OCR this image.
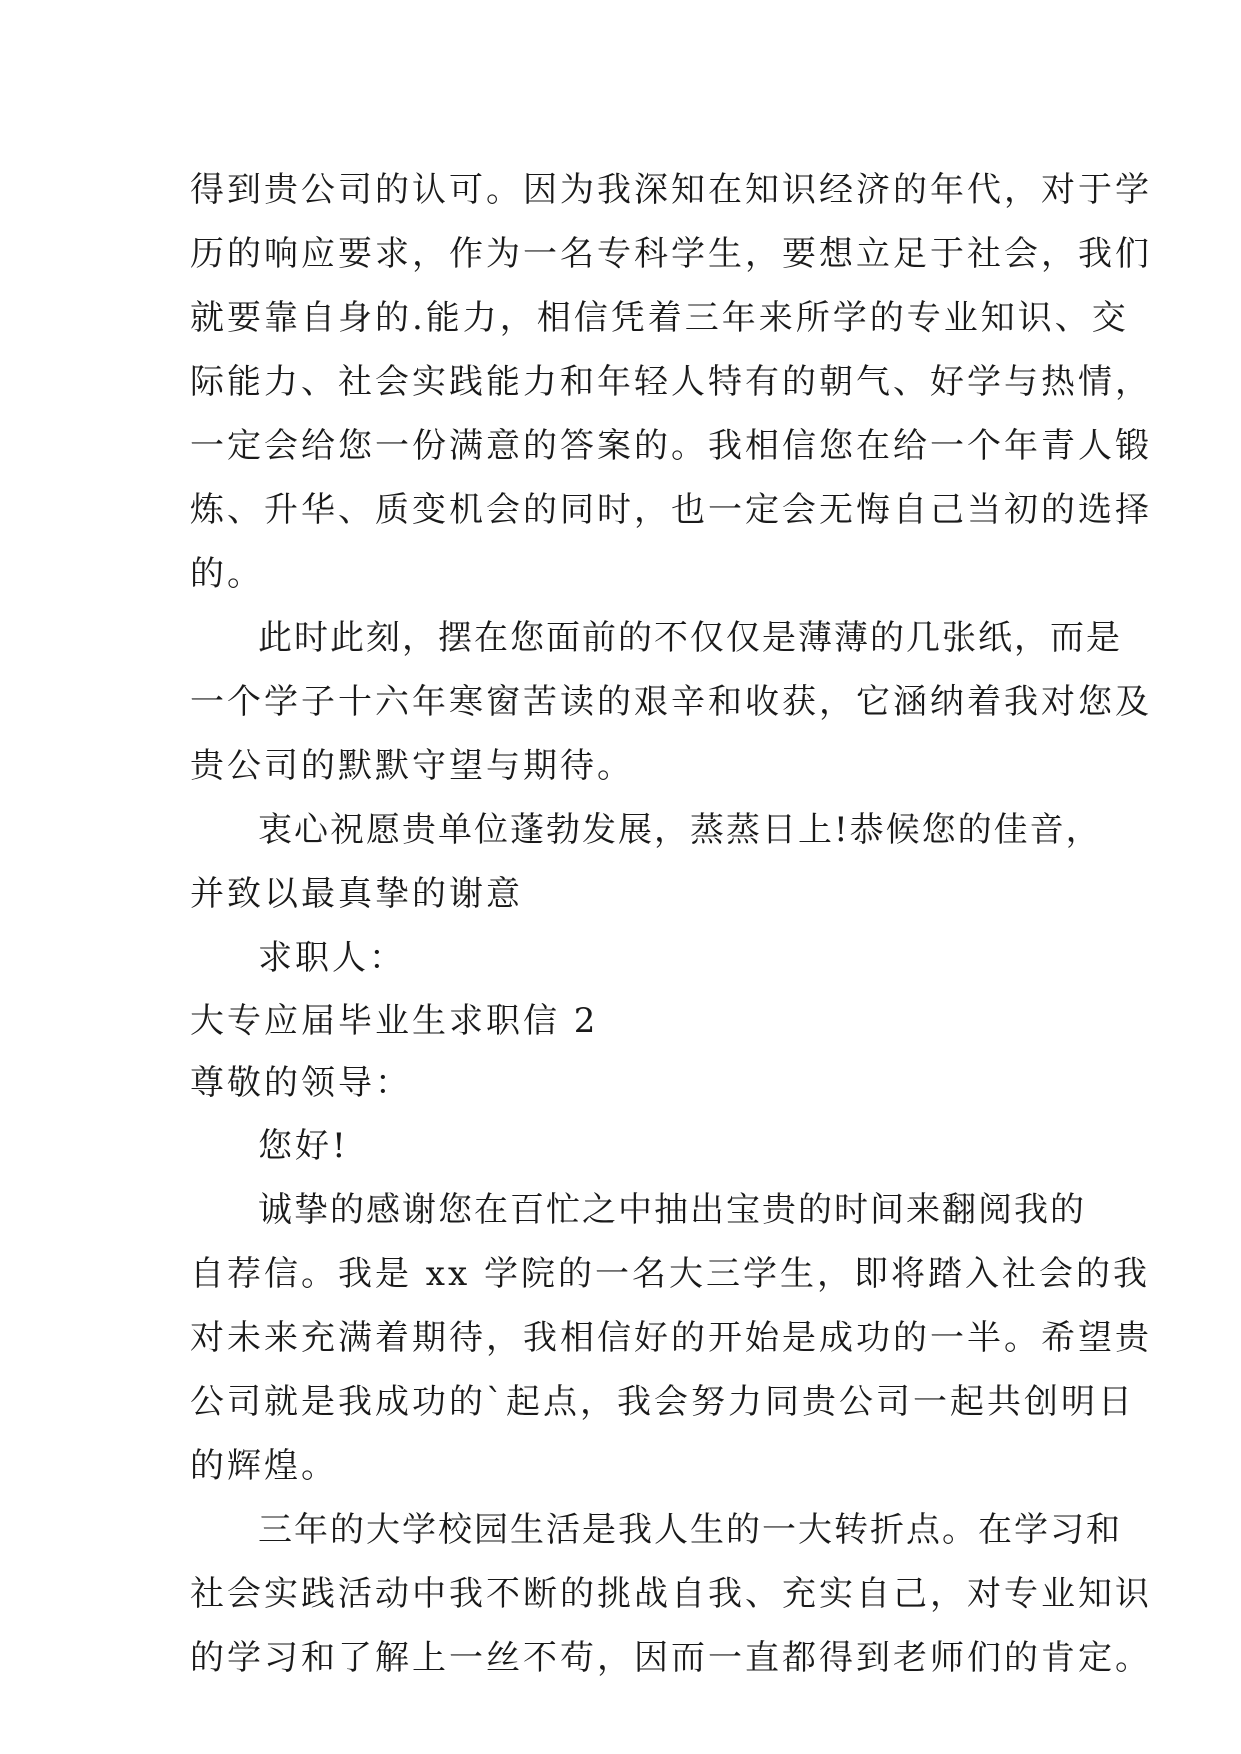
得到贵公司的认可。因为我深知在知识经济的年代，对于学
历的响应要求，作为一名专科学生，要想立足于社会，我们
就要靠自身的.能力，相信凭着三年来所学的专业知识、交
际能力、社会实践能力和年轻人特有的朝气、好学与热情，
一定会给您一份满意的答案的。我相信您在给一个年青人锻
炼、升华、质变机会的同时，也一定会无悔自己当初的选择
的。
此时此刻，摆在您面前的不仅仅是薄薄的几张纸，而是
一个学子十六年寒窗苦读的艰辛和收获，它涵纳着我对您及
贵公司的默默守望与期待。
衷心祝愿贵单位蓬勃发展，蒸蒸日上!恭候您的佳音，
并致以最真挚的谢意
求职人：
大专应届毕业生求职信 2
尊敬的领导：
您好!
诚挚的感谢您在百忙之中抽出宝贵的时间来翻阅我的
自荐信。我是 xx 学院的一名大三学生，即将踏入社会的我
对未来充满着期待，我相信好的开始是成功的一半。希望贵
公司就是我成功的`起点，我会努力同贵公司一起共创明日
的辉煌。
三年的大学校园生活是我人生的一大转折点。在学习和
社会实践活动中我不断的挑战自我、充实自己，对专业知识
的学习和了解上一丝不苟，因而一直都得到老师们的肯定。
